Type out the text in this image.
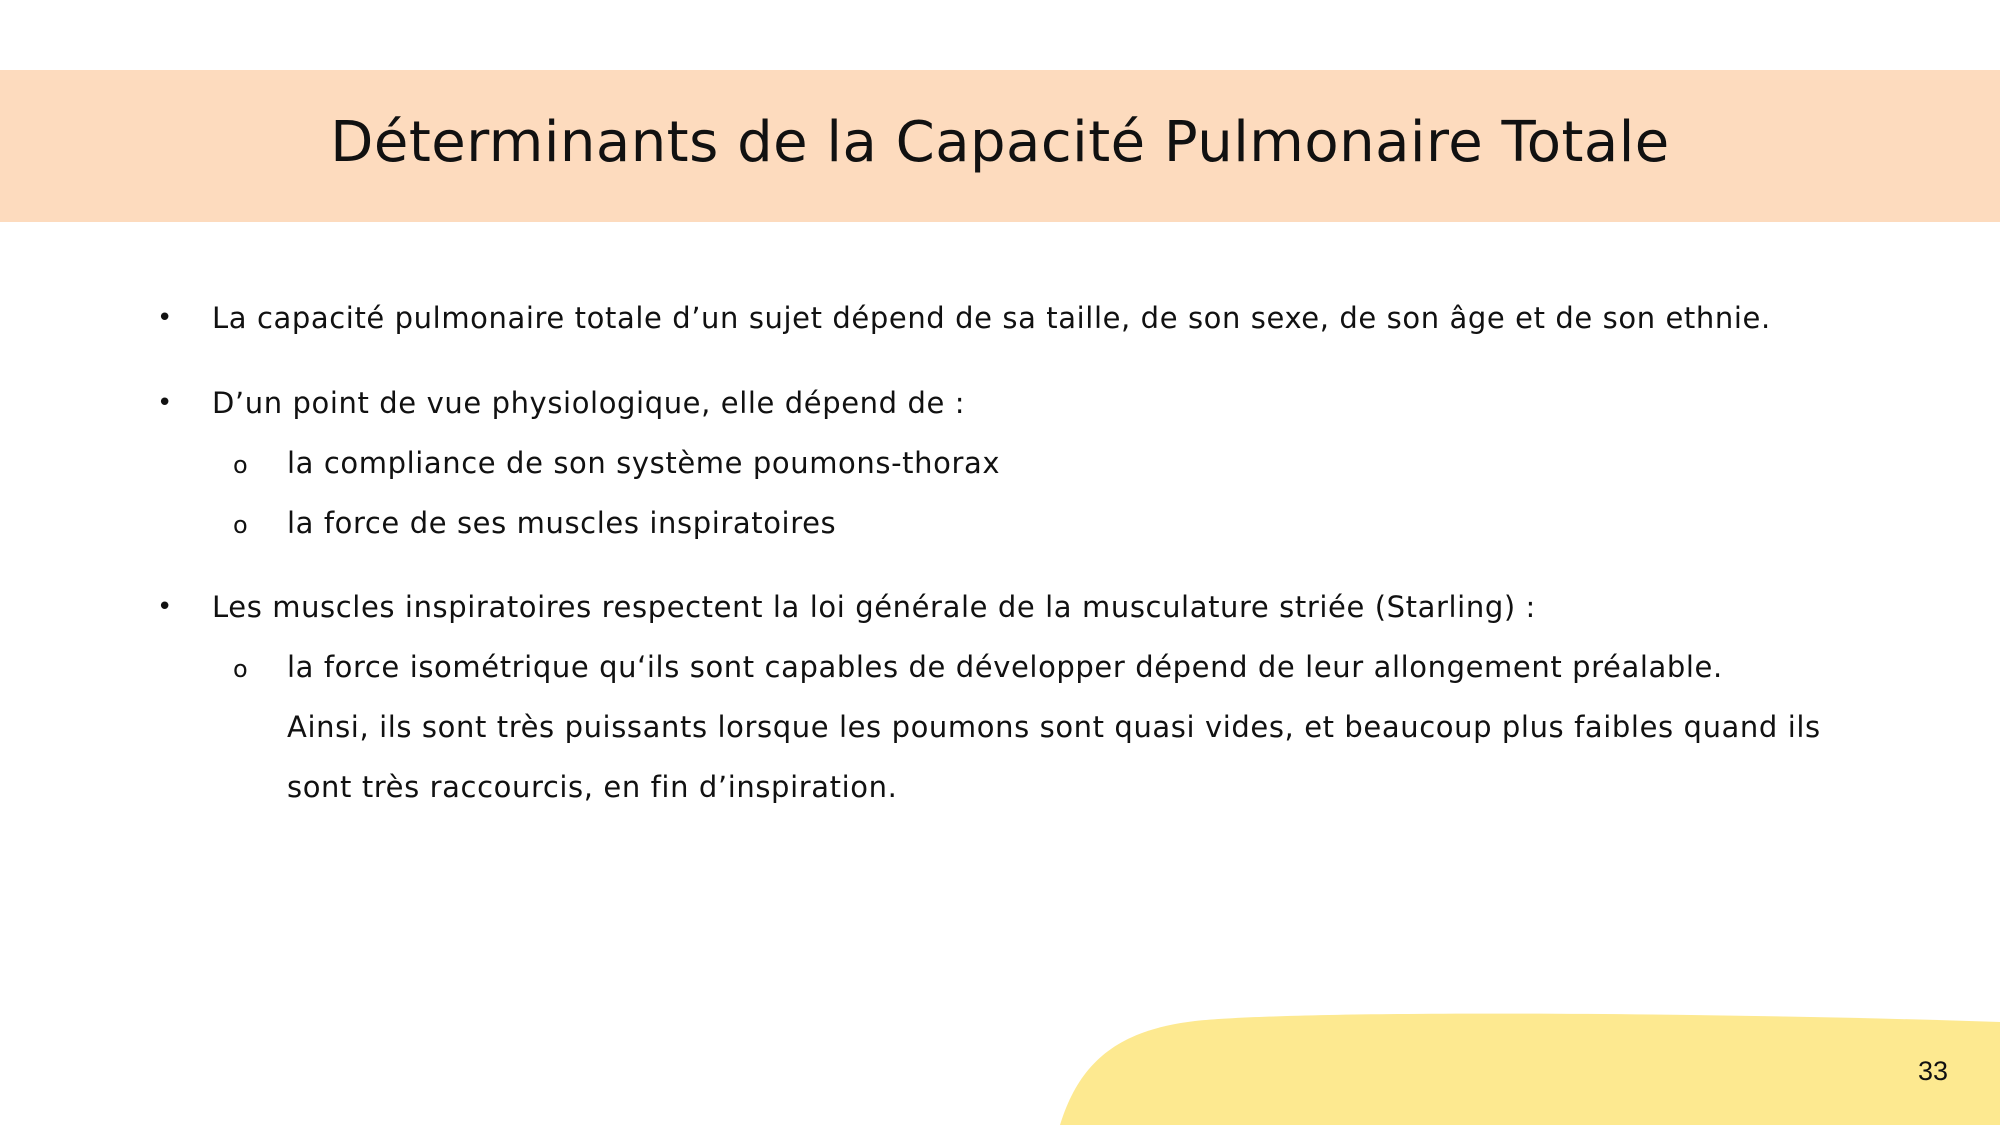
Déterminants de la Capacité Pulmonaire Totale
• La capacité pulmonaire totale d’un sujet dépend de sa taille, de son sexe, de son âge et de son ethnie.
• D’un point de vue physiologique, elle dépend de :
o la compliance de son système poumons-thorax
o la force de ses muscles inspiratoires
• Les muscles inspiratoires respectent la loi générale de la musculature striée (Starling) :
o la force isométrique qu‘ils sont capables de développer dépend de leur allongement préalable.
Ainsi, ils sont très puissants lorsque les poumons sont quasi vides, et beaucoup plus faibles quand ils
sont très raccourcis, en fin d’inspiration.
33
